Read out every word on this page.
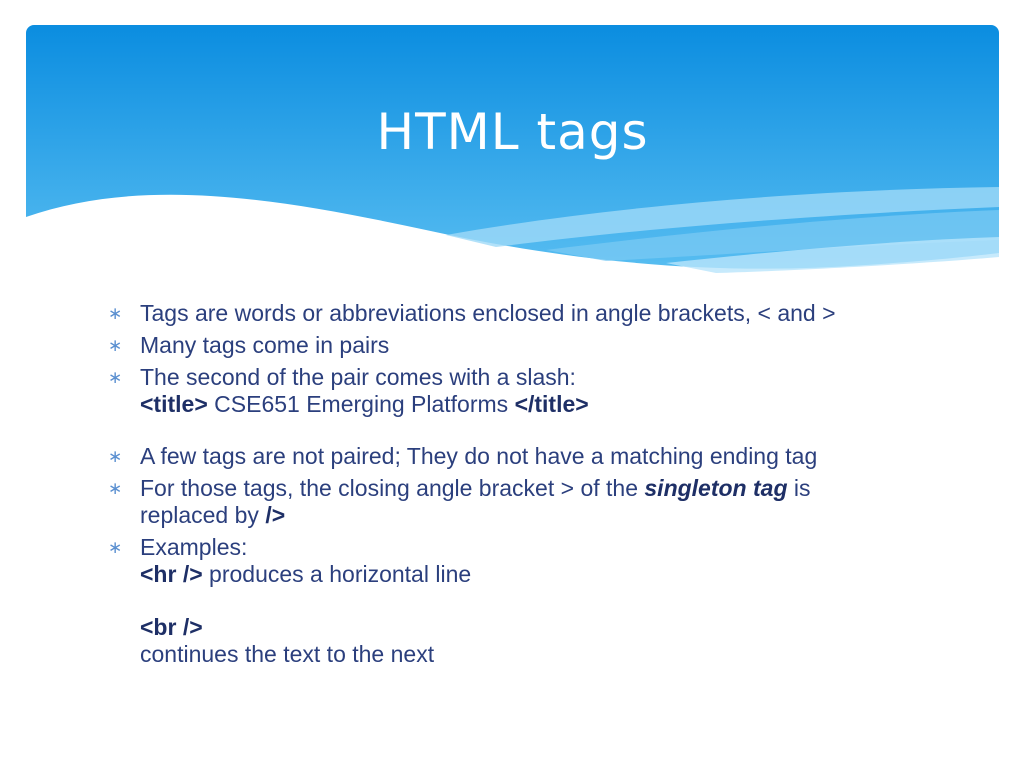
HTML tags

∗ Tags are words or abbreviations enclosed in angle brackets, < and >

∗ Many tags come in pairs

∗ The second of the pair comes with a slash:

<title> CSE651 Emerging Platforms </title>

∗ A few tags are not paired; They do not have a matching ending tag

∗ For those tags, the closing angle bracket > of the singleton tag is

replaced by />

∗ Examples:

<hr /> produces a horizontal line
<br />
continues the text to the next
